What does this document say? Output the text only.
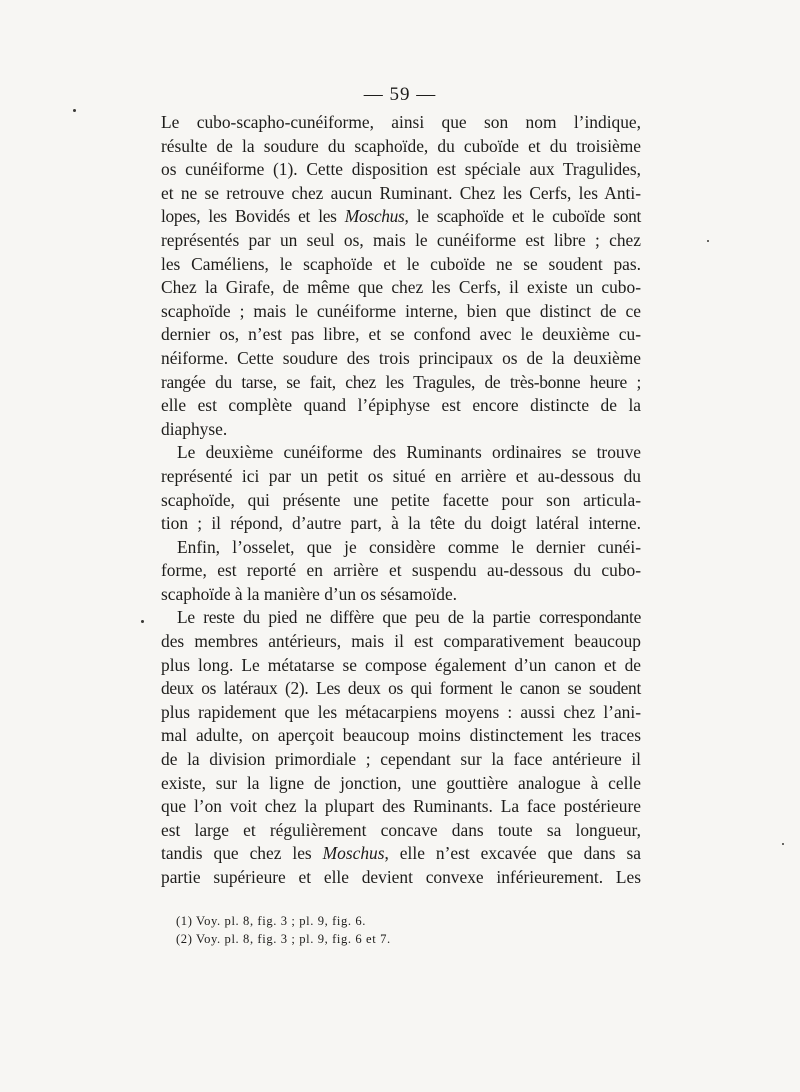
— 59 —
Le cubo-scapho-cunéiforme, ainsi que son nom l’indique,
résulte de la soudure du scaphoïde, du cuboïde et du troisième
os cunéiforme (1). Cette disposition est spéciale aux Tragulides,
et ne se retrouve chez aucun Ruminant. Chez les Cerfs, les Anti-
lopes, les Bovidés et les Moschus, le scaphoïde et le cuboïde sont
représentés par un seul os, mais le cunéiforme est libre ; chez
les Caméliens, le scaphoïde et le cuboïde ne se soudent pas.
Chez la Girafe, de même que chez les Cerfs, il existe un cubo-
scaphoïde ; mais le cunéiforme interne, bien que distinct de ce
dernier os, n’est pas libre, et se confond avec le deuxième cu-
néiforme. Cette soudure des trois principaux os de la deuxième
rangée du tarse, se fait, chez les Tragules, de très-bonne heure ;
elle est complète quand l’épiphyse est encore distincte de la
diaphyse.
Le deuxième cunéiforme des Ruminants ordinaires se trouve
représenté ici par un petit os situé en arrière et au-dessous du
scaphoïde, qui présente une petite facette pour son articula-
tion ; il répond, d’autre part, à la tête du doigt latéral interne.
Enfin, l’osselet, que je considère comme le dernier cunéi-
forme, est reporté en arrière et suspendu au-dessous du cubo-
scaphoïde à la manière d’un os sésamoïde.
Le reste du pied ne diffère que peu de la partie correspondante
des membres antérieurs, mais il est comparativement beaucoup
plus long. Le métatarse se compose également d’un canon et de
deux os latéraux (2). Les deux os qui forment le canon se soudent
plus rapidement que les métacarpiens moyens : aussi chez l’ani-
mal adulte, on aperçoit beaucoup moins distinctement les traces
de la division primordiale ; cependant sur la face antérieure il
existe, sur la ligne de jonction, une gouttière analogue à celle
que l’on voit chez la plupart des Ruminants. La face postérieure
est large et régulièrement concave dans toute sa longueur,
tandis que chez les Moschus, elle n’est excavée que dans sa
partie supérieure et elle devient convexe inférieurement. Les
(1) Voy. pl. 8, fig. 3 ; pl. 9, fig. 6.
(2) Voy. pl. 8, fig. 3 ; pl. 9, fig. 6 et 7.
